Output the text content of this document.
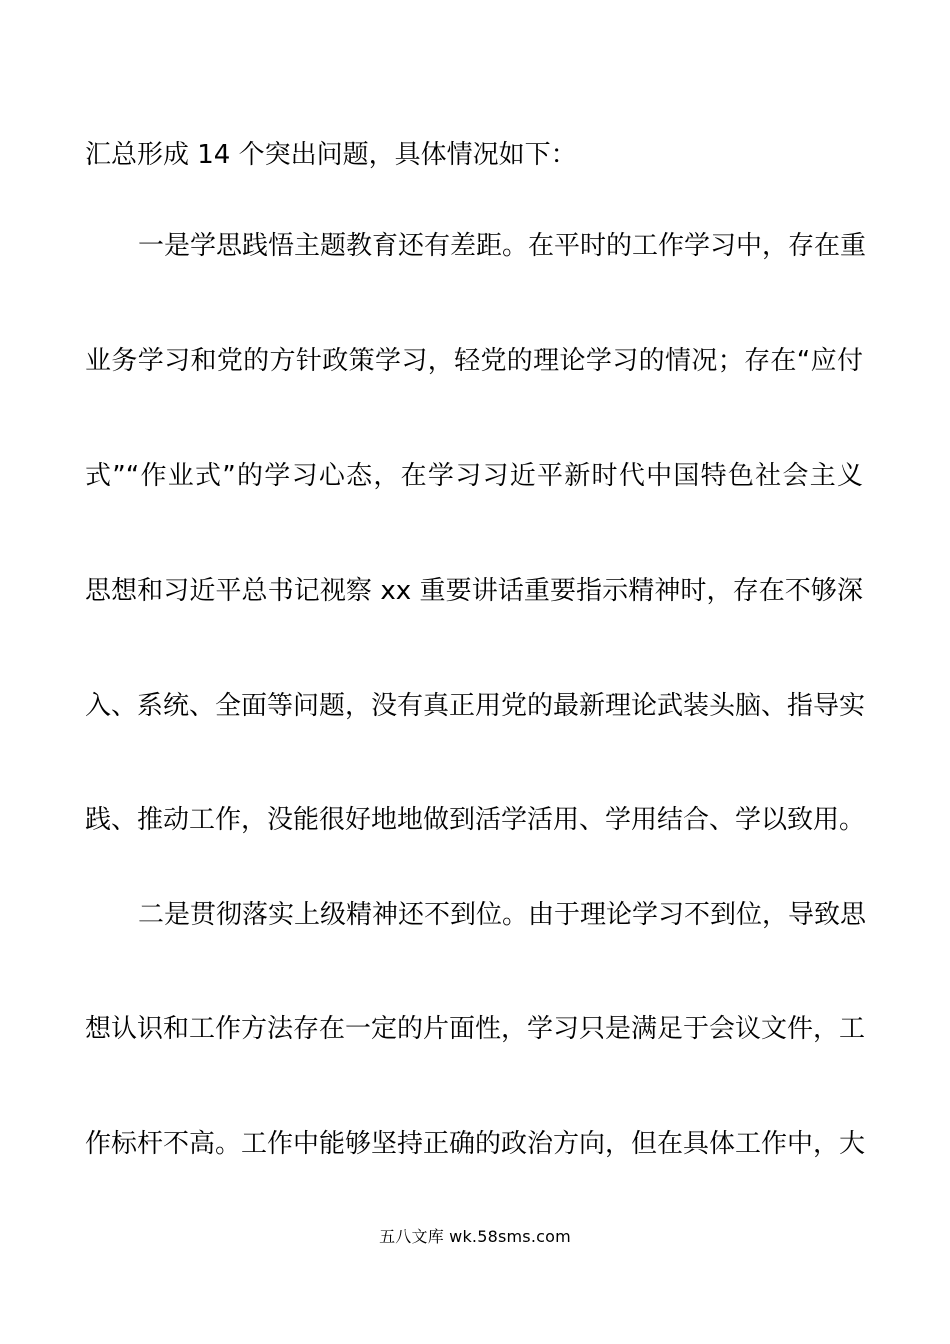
汇总形成 14 个突出问题，具体情况如下：
一是学思践悟主题教育还有差距。在平时的工作学习中，存在重
业务学习和党的方针政策学习，轻党的理论学习的情况；存在“应付
式”“作业式”的学习心态，在学习习近平新时代中国特色社会主义
思想和习近平总书记视察 xx 重要讲话重要指示精神时，存在不够深
入、系统、全面等问题，没有真正用党的最新理论武装头脑、指导实
践、推动工作，没能很好地地做到活学活用、学用结合、学以致用。
二是贯彻落实上级精神还不到位。由于理论学习不到位，导致思
想认识和工作方法存在一定的片面性，学习只是满足于会议文件，工
作标杆不高。工作中能够坚持正确的政治方向，但在具体工作中，大
五八文库 wk.58sms.com
